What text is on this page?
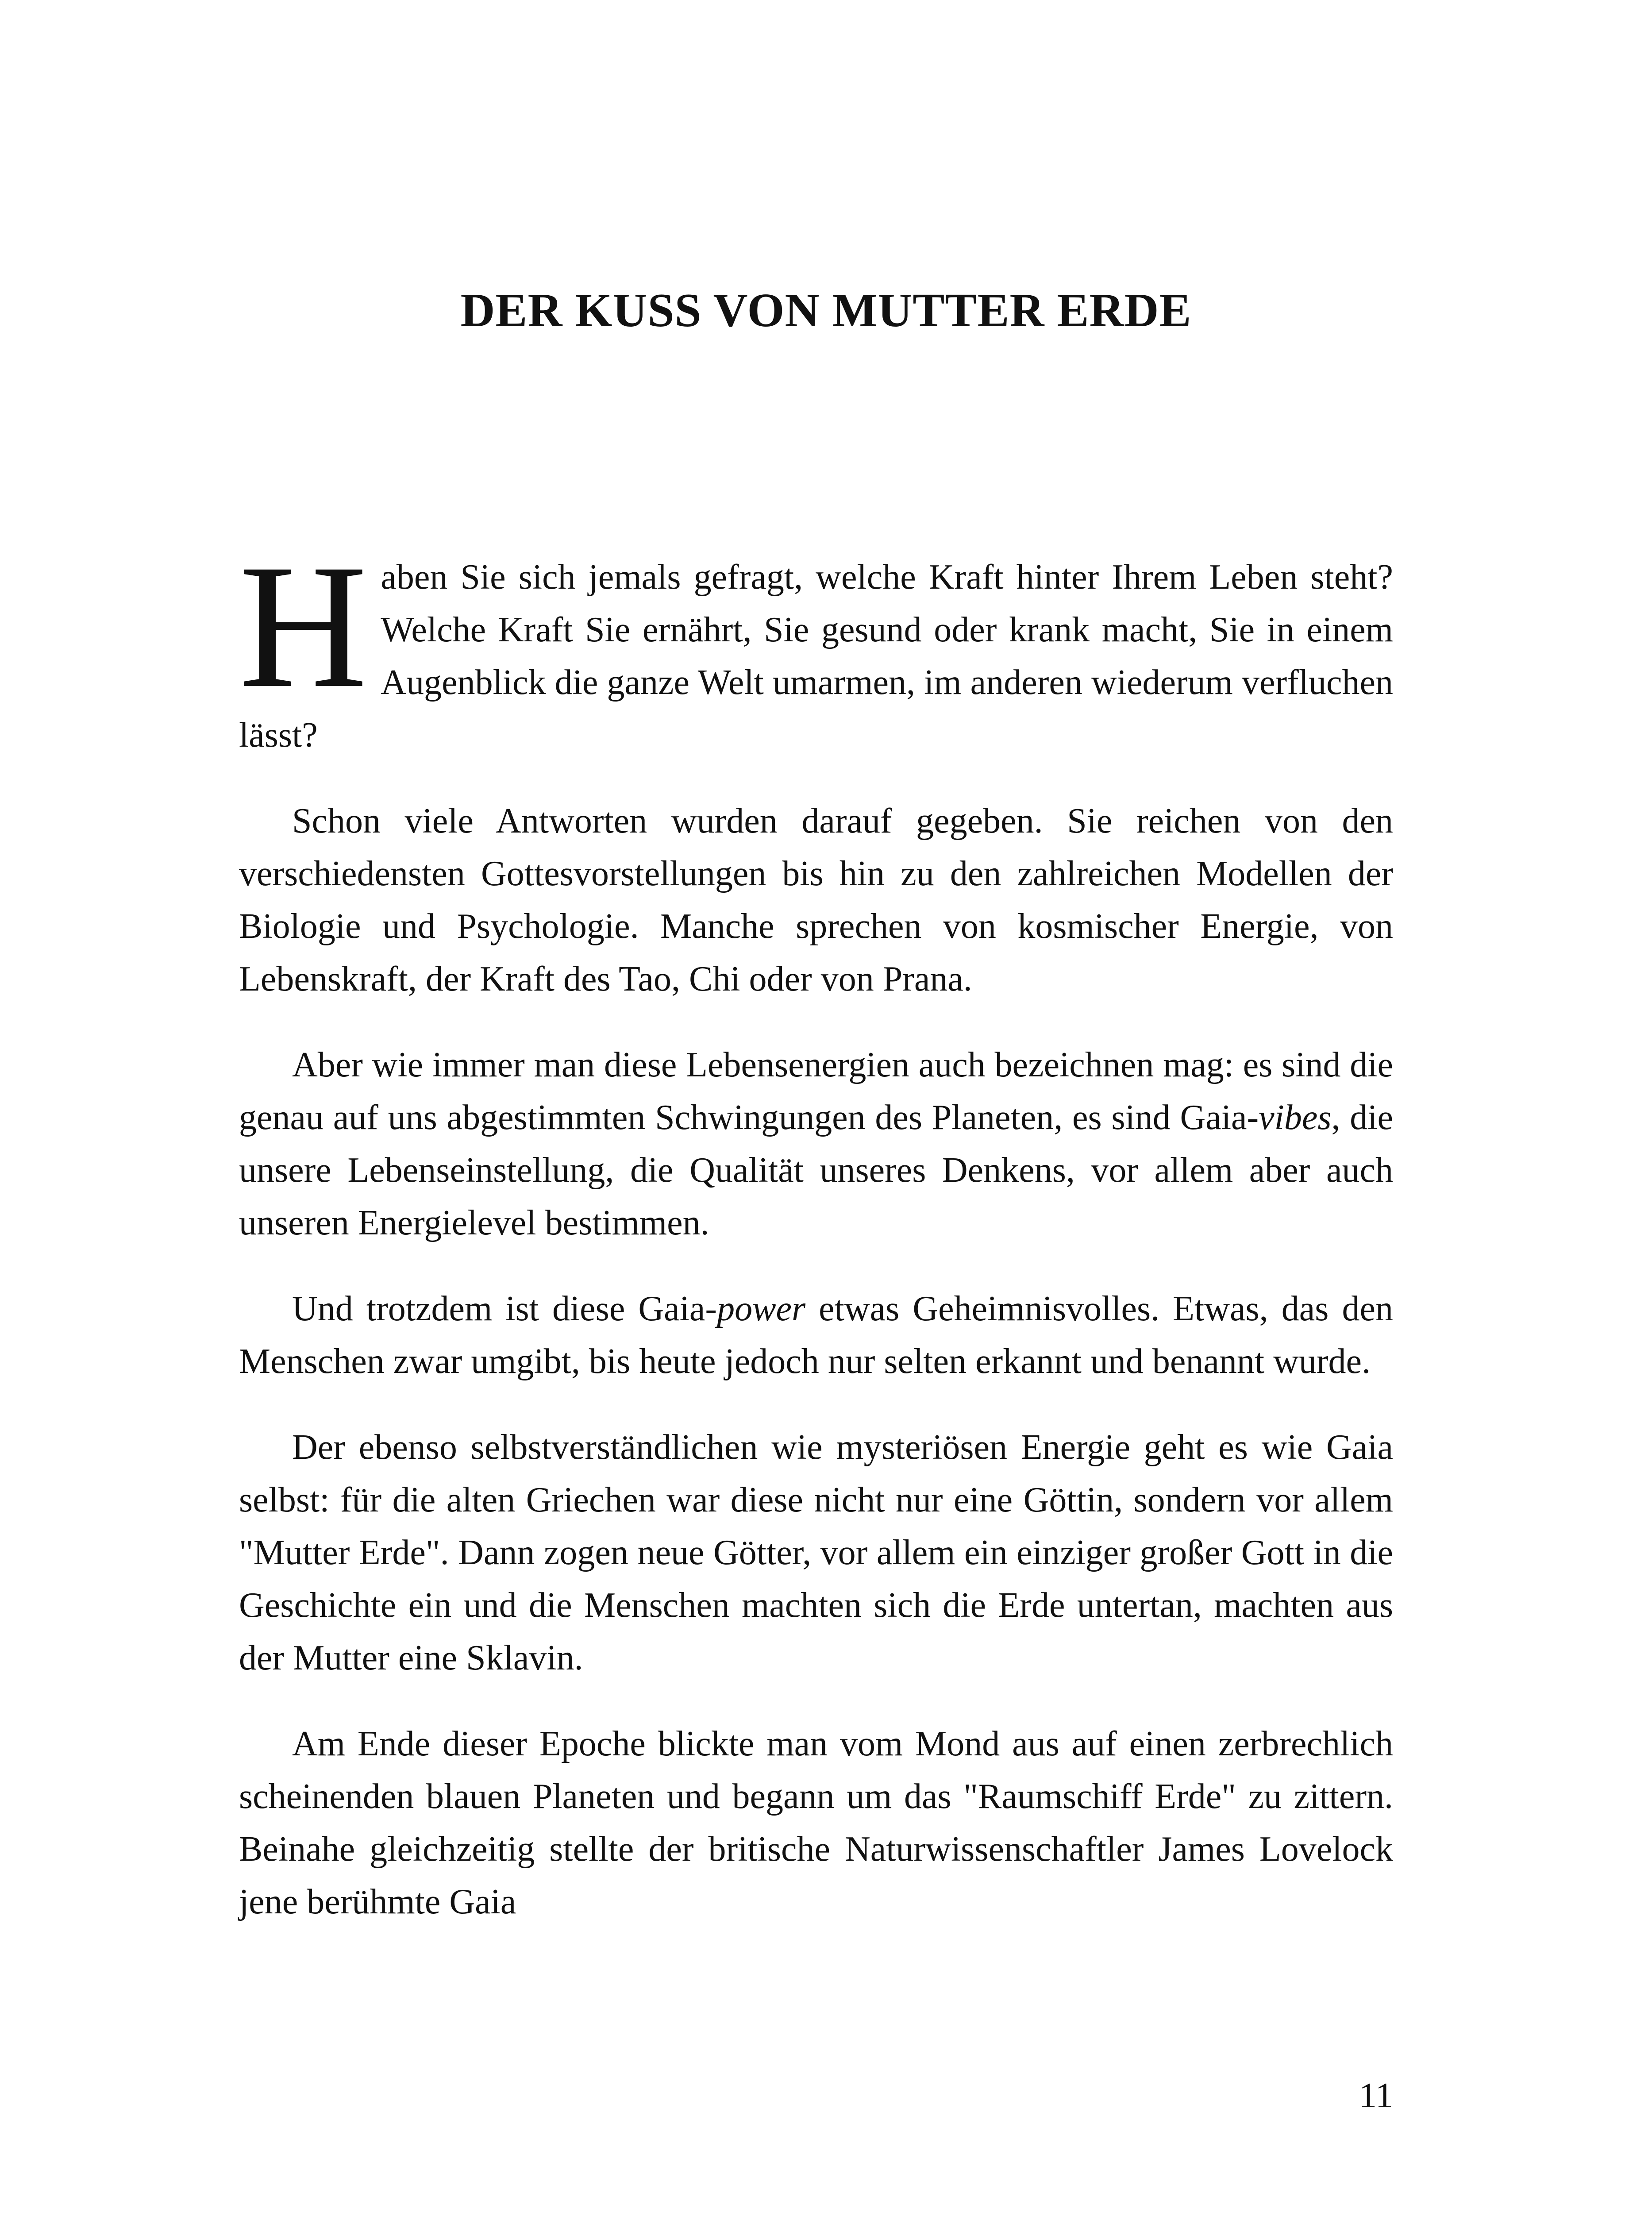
DER KUSS VON MUTTER ERDE

Haben Sie sich jemals gefragt, welche Kraft hinter Ihrem Leben steht? Welche Kraft Sie ernährt, Sie gesund oder krank macht, Sie in einem Augenblick die ganze Welt umarmen, im anderen wiederum verfluchen lässt?

Schon viele Antworten wurden darauf gegeben. Sie reichen von den verschiedensten Gottesvorstellungen bis hin zu den zahlreichen Modellen der Biologie und Psychologie. Manche sprechen von kosmischer Energie, von Lebenskraft, der Kraft des Tao, Chi oder von Prana.

Aber wie immer man diese Lebensenergien auch bezeichnen mag: es sind die genau auf uns abgestimmten Schwingungen des Planeten, es sind Gaia-vibes, die unsere Lebenseinstellung, die Qualität unseres Denkens, vor allem aber auch unseren Energielevel bestimmen.

Und trotzdem ist diese Gaia-power etwas Geheimnisvolles. Etwas, das den Menschen zwar umgibt, bis heute jedoch nur selten erkannt und benannt wurde.

Der ebenso selbstverständlichen wie mysteriösen Energie geht es wie Gaia selbst: für die alten Griechen war diese nicht nur eine Göttin, sondern vor allem "Mutter Erde". Dann zogen neue Götter, vor allem ein einziger großer Gott in die Geschichte ein und die Menschen machten sich die Erde untertan, machten aus der Mutter eine Sklavin.

Am Ende dieser Epoche blickte man vom Mond aus auf einen zerbrechlich scheinenden blauen Planeten und begann um das "Raumschiff Erde" zu zittern. Beinahe gleichzeitig stellte der britische Naturwissenschaftler James Lovelock jene berühmte Gaia

11
